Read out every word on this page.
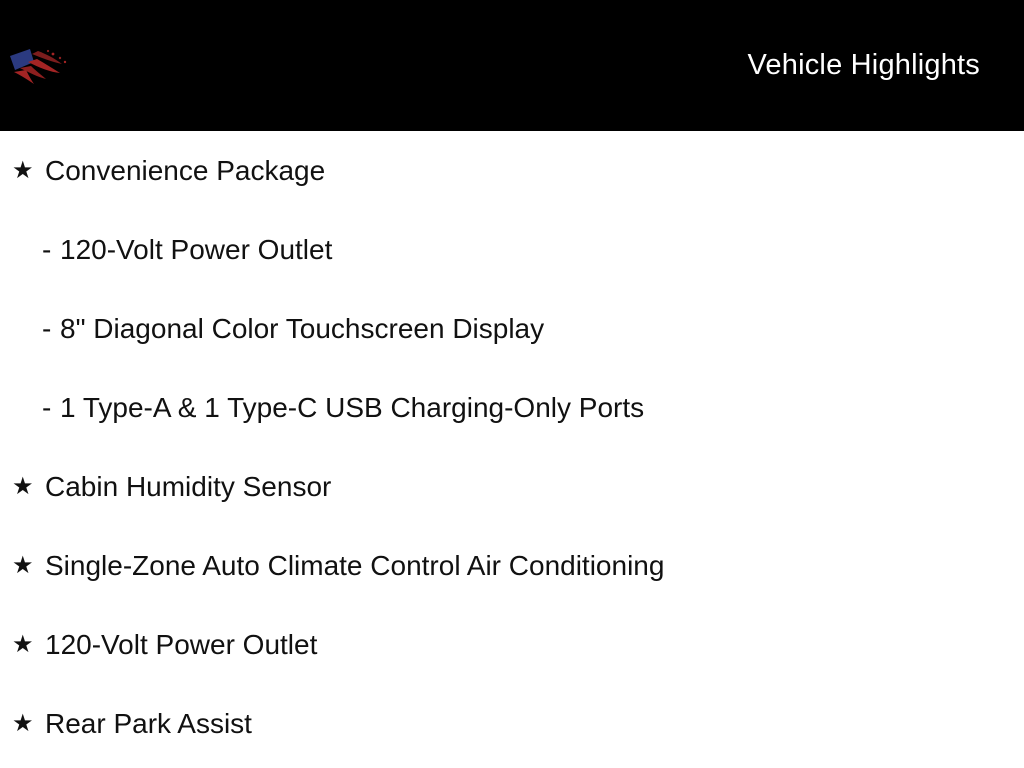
Vehicle Highlights
★ Convenience Package
- 120-Volt Power Outlet
- 8" Diagonal Color Touchscreen Display
- 1 Type-A & 1 Type-C USB Charging-Only Ports
★ Cabin Humidity Sensor
★ Single-Zone Auto Climate Control Air Conditioning
★ 120-Volt Power Outlet
★ Rear Park Assist
